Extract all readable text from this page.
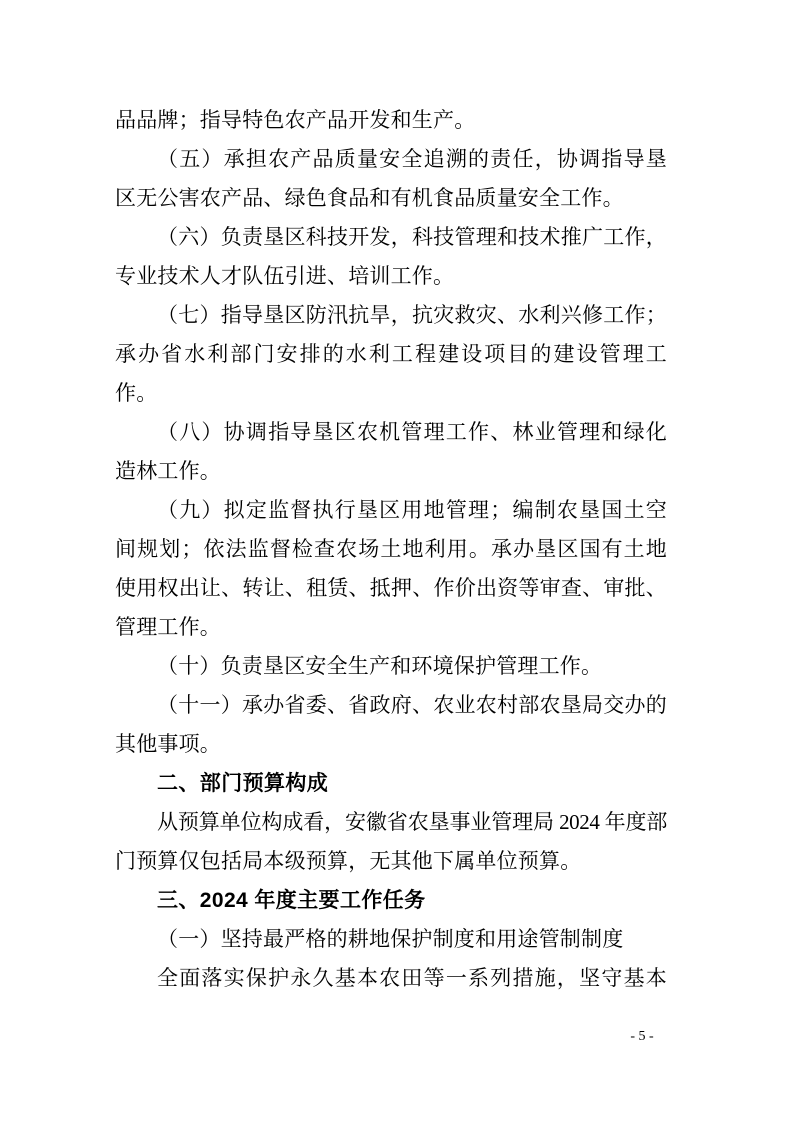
品品牌；指导特色农产品开发和生产。
（五）承担农产品质量安全追溯的责任，协调指导垦
区无公害农产品、绿色食品和有机食品质量安全工作。
（六）负责垦区科技开发，科技管理和技术推广工作，
专业技术人才队伍引进、培训工作。
（七）指导垦区防汛抗旱，抗灾救灾、水利兴修工作；
承办省水利部门安排的水利工程建设项目的建设管理工
作。
（八）协调指导垦区农机管理工作、林业管理和绿化
造林工作。
（九）拟定监督执行垦区用地管理；编制农垦国土空
间规划；依法监督检查农场土地利用。承办垦区国有土地
使用权出让、转让、租赁、抵押、作价出资等审查、审批、
管理工作。
（十）负责垦区安全生产和环境保护管理工作。
（十一）承办省委、省政府、农业农村部农垦局交办的
其他事项。
二、部门预算构成
从预算单位构成看，安徽省农垦事业管理局 2024 年度部
门预算仅包括局本级预算，无其他下属单位预算。
三、2024 年度主要工作任务
（一）坚持最严格的耕地保护制度和用途管制制度
全面落实保护永久基本农田等一系列措施，坚守基本
- 5 -
